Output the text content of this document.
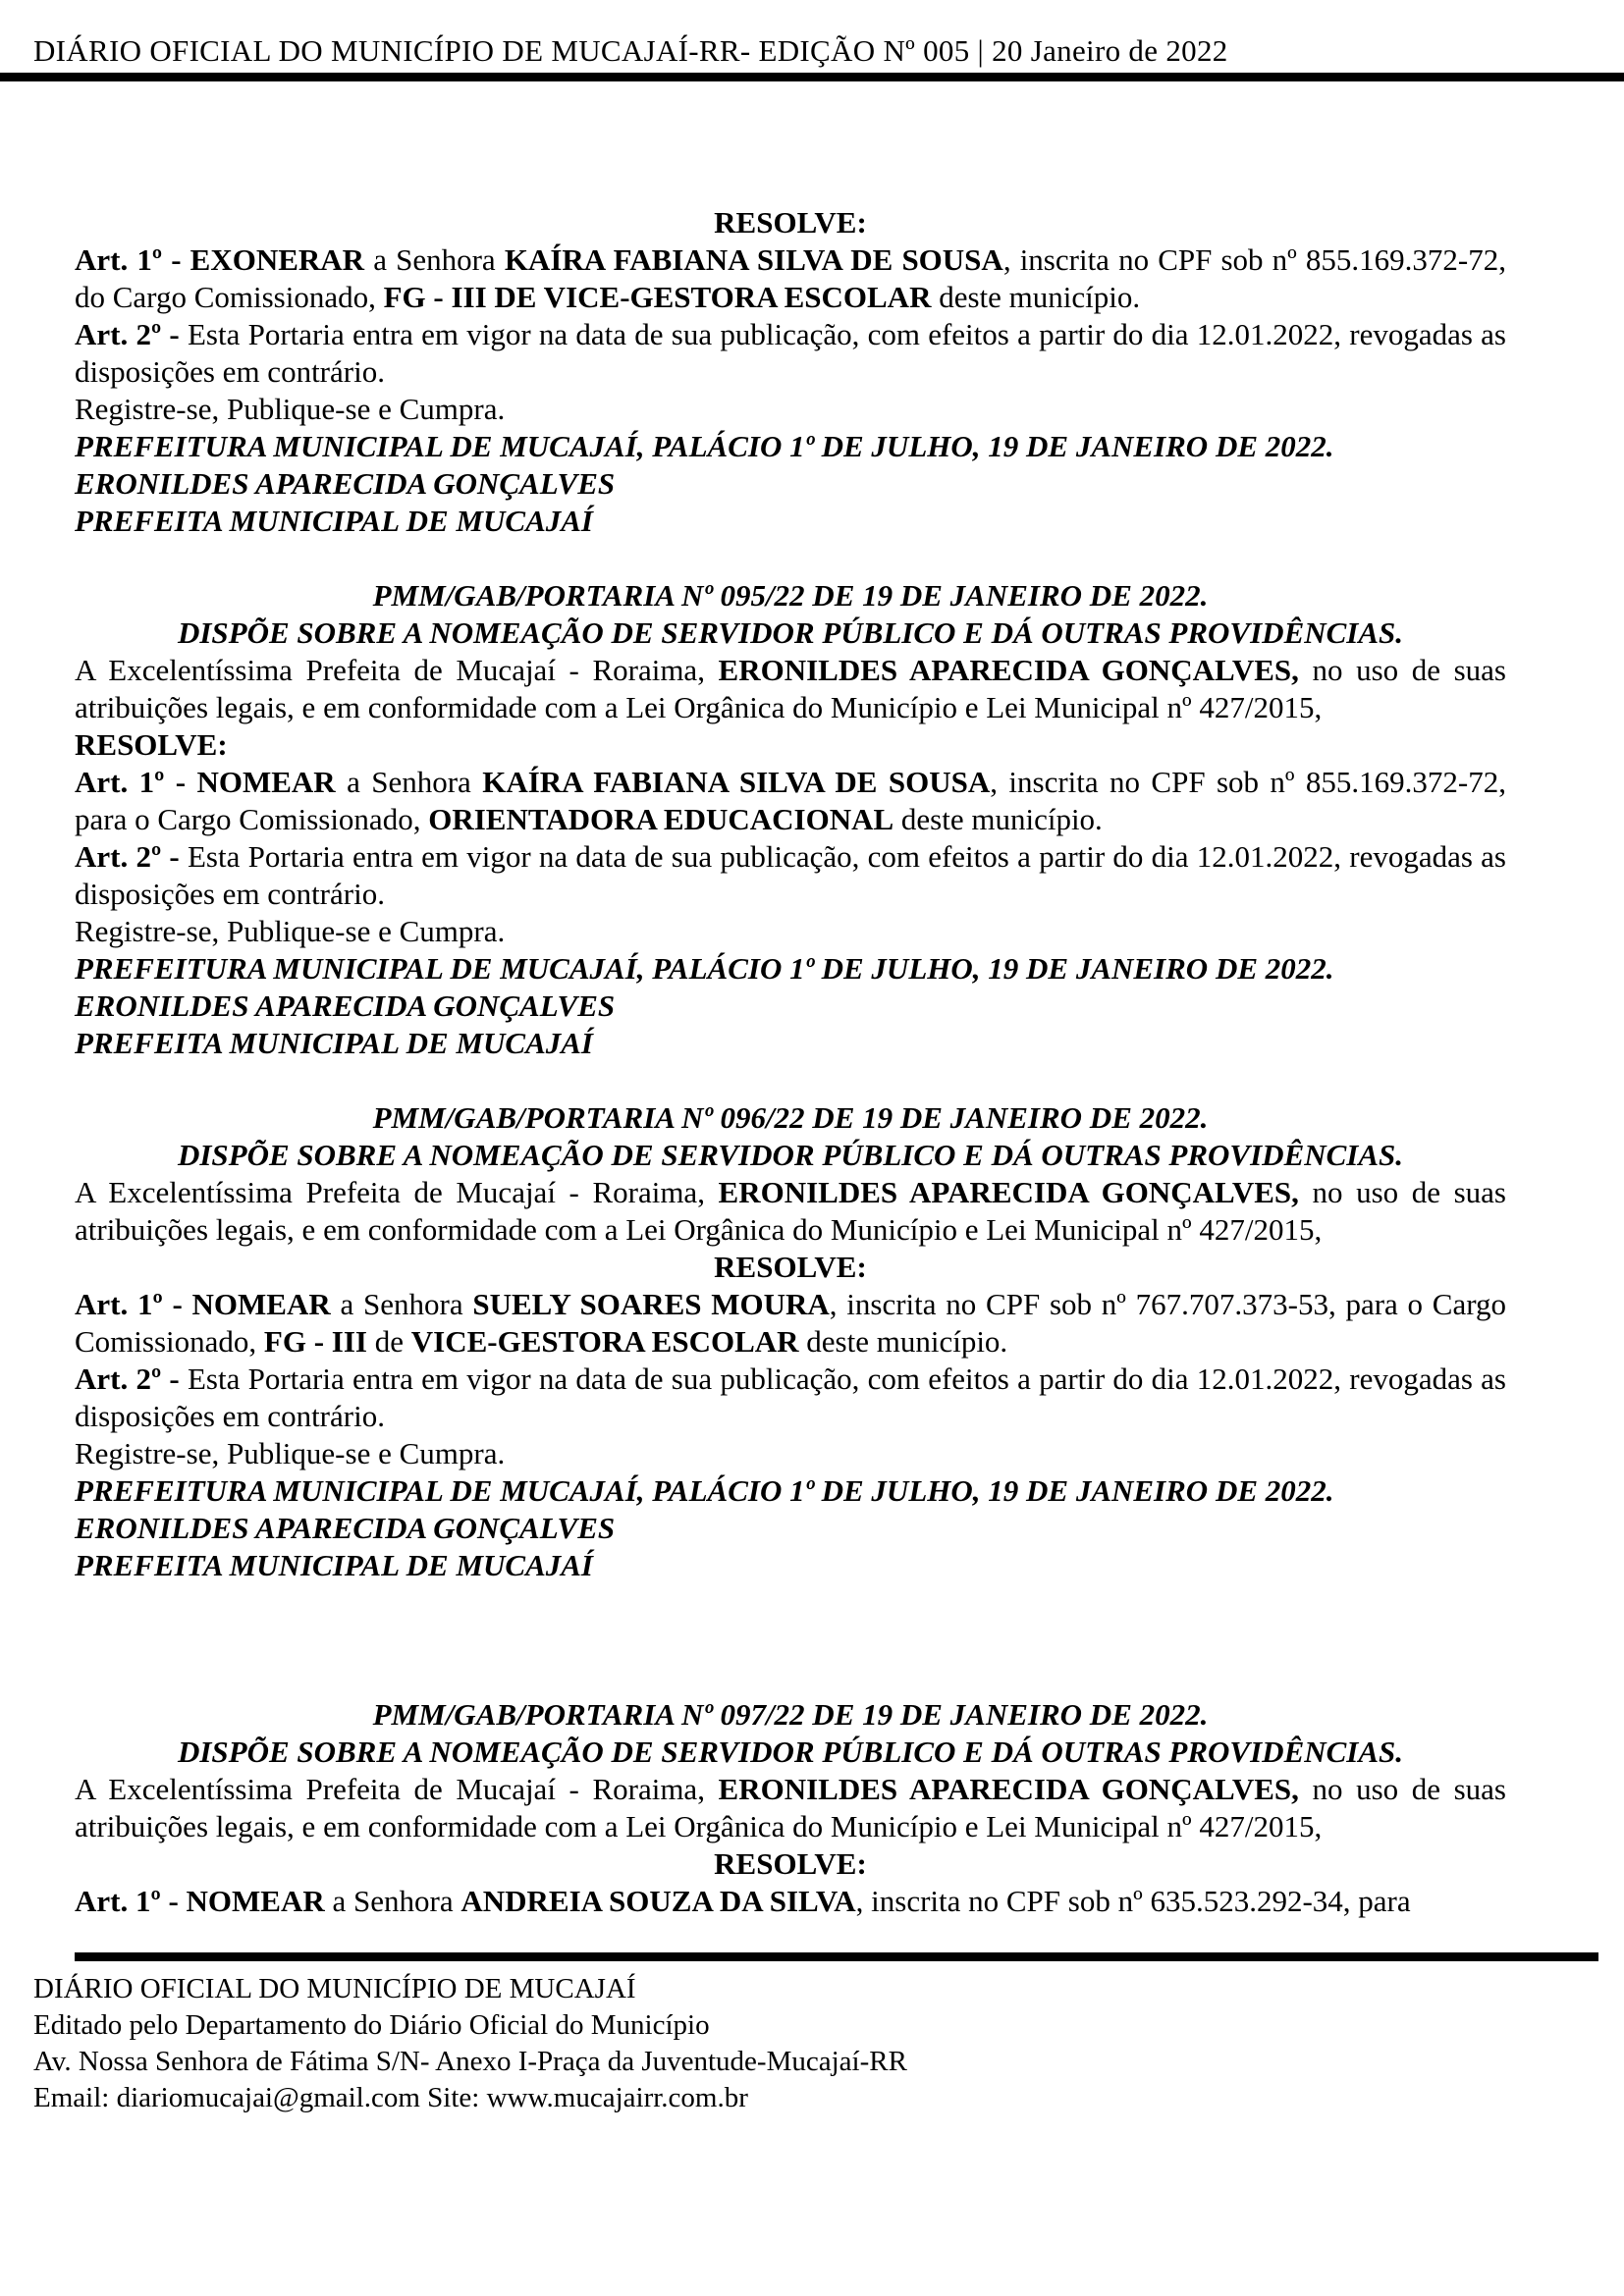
DIÁRIO OFICIAL DO MUNICÍPIO DE MUCAJAÍ-RR- EDIÇÃO Nº 005 | 20 Janeiro de 2022

RESOLVE:

Art. 1º - EXONERAR a Senhora KAÍRA FABIANA SILVA DE SOUSA, inscrita no CPF sob nº 855.169.372-72, do Cargo Comissionado, FG - III DE VICE-GESTORA ESCOLAR deste município.

Art. 2º - Esta Portaria entra em vigor na data de sua publicação, com efeitos a partir do dia 12.01.2022, revogadas as disposições em contrário.

Registre-se, Publique-se e Cumpra.

PREFEITURA MUNICIPAL DE MUCAJAÍ, PALÁCIO 1º DE JULHO, 19 DE JANEIRO DE 2022.

ERONILDES APARECIDA GONÇALVES

PREFEITA MUNICIPAL DE MUCAJAÍ

PMM/GAB/PORTARIA Nº 095/22 DE 19 DE JANEIRO DE 2022.

DISPÕE SOBRE A NOMEAÇÃO DE SERVIDOR PÚBLICO E DÁ OUTRAS PROVIDÊNCIAS.

A Excelentíssima Prefeita de Mucajaí - Roraima, ERONILDES APARECIDA GONÇALVES, no uso de suas atribuições legais, e em conformidade com a Lei Orgânica do Município e Lei Municipal nº 427/2015,

RESOLVE:

Art. 1º - NOMEAR a Senhora KAÍRA FABIANA SILVA DE SOUSA, inscrita no CPF sob nº 855.169.372-72, para o Cargo Comissionado, ORIENTADORA EDUCACIONAL deste município.

Art. 2º - Esta Portaria entra em vigor na data de sua publicação, com efeitos a partir do dia 12.01.2022, revogadas as disposições em contrário.

Registre-se, Publique-se e Cumpra.

PREFEITURA MUNICIPAL DE MUCAJAÍ, PALÁCIO 1º DE JULHO, 19 DE JANEIRO DE 2022.

ERONILDES APARECIDA GONÇALVES

PREFEITA MUNICIPAL DE MUCAJAÍ

PMM/GAB/PORTARIA Nº 096/22 DE 19 DE JANEIRO DE 2022.

DISPÕE SOBRE A NOMEAÇÃO DE SERVIDOR PÚBLICO E DÁ OUTRAS PROVIDÊNCIAS.

A Excelentíssima Prefeita de Mucajaí - Roraima, ERONILDES APARECIDA GONÇALVES, no uso de suas atribuições legais, e em conformidade com a Lei Orgânica do Município e Lei Municipal nº 427/2015,

RESOLVE:

Art. 1º - NOMEAR a Senhora SUELY SOARES MOURA, inscrita no CPF sob nº 767.707.373-53, para o Cargo Comissionado, FG - III de VICE-GESTORA ESCOLAR deste município.

Art. 2º - Esta Portaria entra em vigor na data de sua publicação, com efeitos a partir do dia 12.01.2022, revogadas as disposições em contrário.

Registre-se, Publique-se e Cumpra.

PREFEITURA MUNICIPAL DE MUCAJAÍ, PALÁCIO 1º DE JULHO, 19 DE JANEIRO DE 2022.

ERONILDES APARECIDA GONÇALVES

PREFEITA MUNICIPAL DE MUCAJAÍ

PMM/GAB/PORTARIA Nº 097/22 DE 19 DE JANEIRO DE 2022.

DISPÕE SOBRE A NOMEAÇÃO DE SERVIDOR PÚBLICO E DÁ OUTRAS PROVIDÊNCIAS.

A Excelentíssima Prefeita de Mucajaí - Roraima, ERONILDES APARECIDA GONÇALVES, no uso de suas atribuições legais, e em conformidade com a Lei Orgânica do Município e Lei Municipal nº 427/2015,

RESOLVE:

Art. 1º - NOMEAR a Senhora ANDREIA SOUZA DA SILVA, inscrita no CPF sob nº 635.523.292-34, para

DIÁRIO OFICIAL DO MUNICÍPIO DE MUCAJAÍ
Editado pelo Departamento do Diário Oficial do Município
Av. Nossa Senhora de Fátima S/N- Anexo I-Praça da Juventude-Mucajaí-RR
Email: diariomucajai@gmail.com Site: www.mucajairr.com.br
